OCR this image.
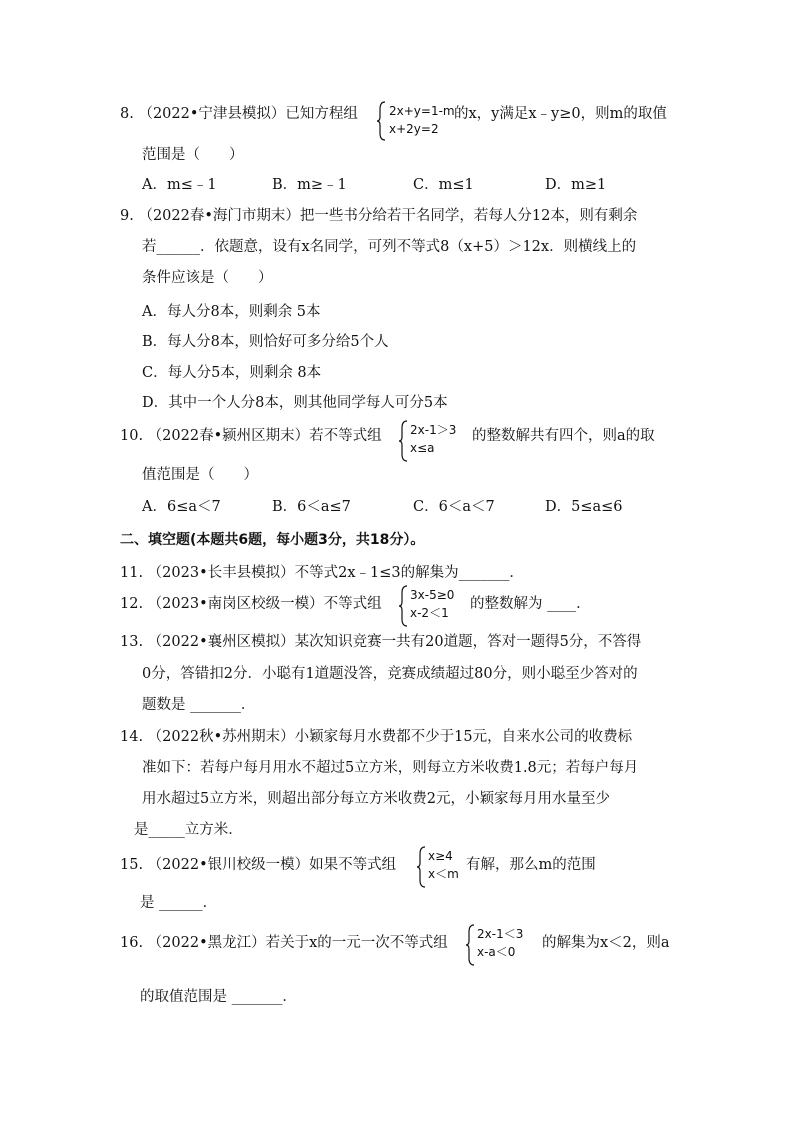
8. （2022•宁津县模拟）已知方程组	2x+y=1-m
x+2y=2
的x，y满足x﹣y≥0，则m的取值
范围是（　　）
A．m≤﹣1	B．m≥﹣1	C．m≤1	D．m≥1
9. （2022春•海门市期末）把一些书分给若干名同学，若每人分12本，则有剩余
若______．依题意，设有x名同学，可列不等式8（x+5）＞12x．则横线上的
条件应该是（　　）
A．每人分8本，则剩余 5本
B．每人分8本，则恰好可多分给5个人
C．每人分5本，则剩余 8本
D．其中一个人分8本，则其他同学每人可分5本
10. （2022春•颍州区期末）若不等式组 2x-1＞3
x≤a
的整数解共有四个，则a的取
值范围是（　　）
A．6≤a＜7	B．6＜a≤7	C．6＜a＜7	D．5≤a≤6
二、填空题(本题共6题，每小题3分，共18分）。
11. （2023•长丰县模拟）不等式2x﹣1≤3的解集为_______．
12. （2023•南岗区校级一模）不等式组
3x-5≥0
x-2＜1
的整数解为 ____．
13. （2022•襄州区模拟）某次知识竞赛一共有20道题，答对一题得5分，不答得
0分，答错扣2分．小聪有1道题没答，竞赛成绩超过80分，则小聪至少答对的
题数是 _______．
14. （2022秋•苏州期末）小颖家每月水费都不少于15元，自来水公司的收费标
准如下：若每户每月用水不超过5立方米，则每立方米收费1.8元；若每户每月
用水超过5立方米，则超出部分每立方米收费2元，小颖家每月用水量至少
是_____立方米．
15. （2022•银川校级一模）如果不等式组
x≥4
x＜m
有解，那么m的范围
是 ______．
16. （2022•黑龙江）若关于x的一元一次不等式组
2x-1＜3
x-a＜0
的解集为x＜2，则a
的取值范围是 _______．
